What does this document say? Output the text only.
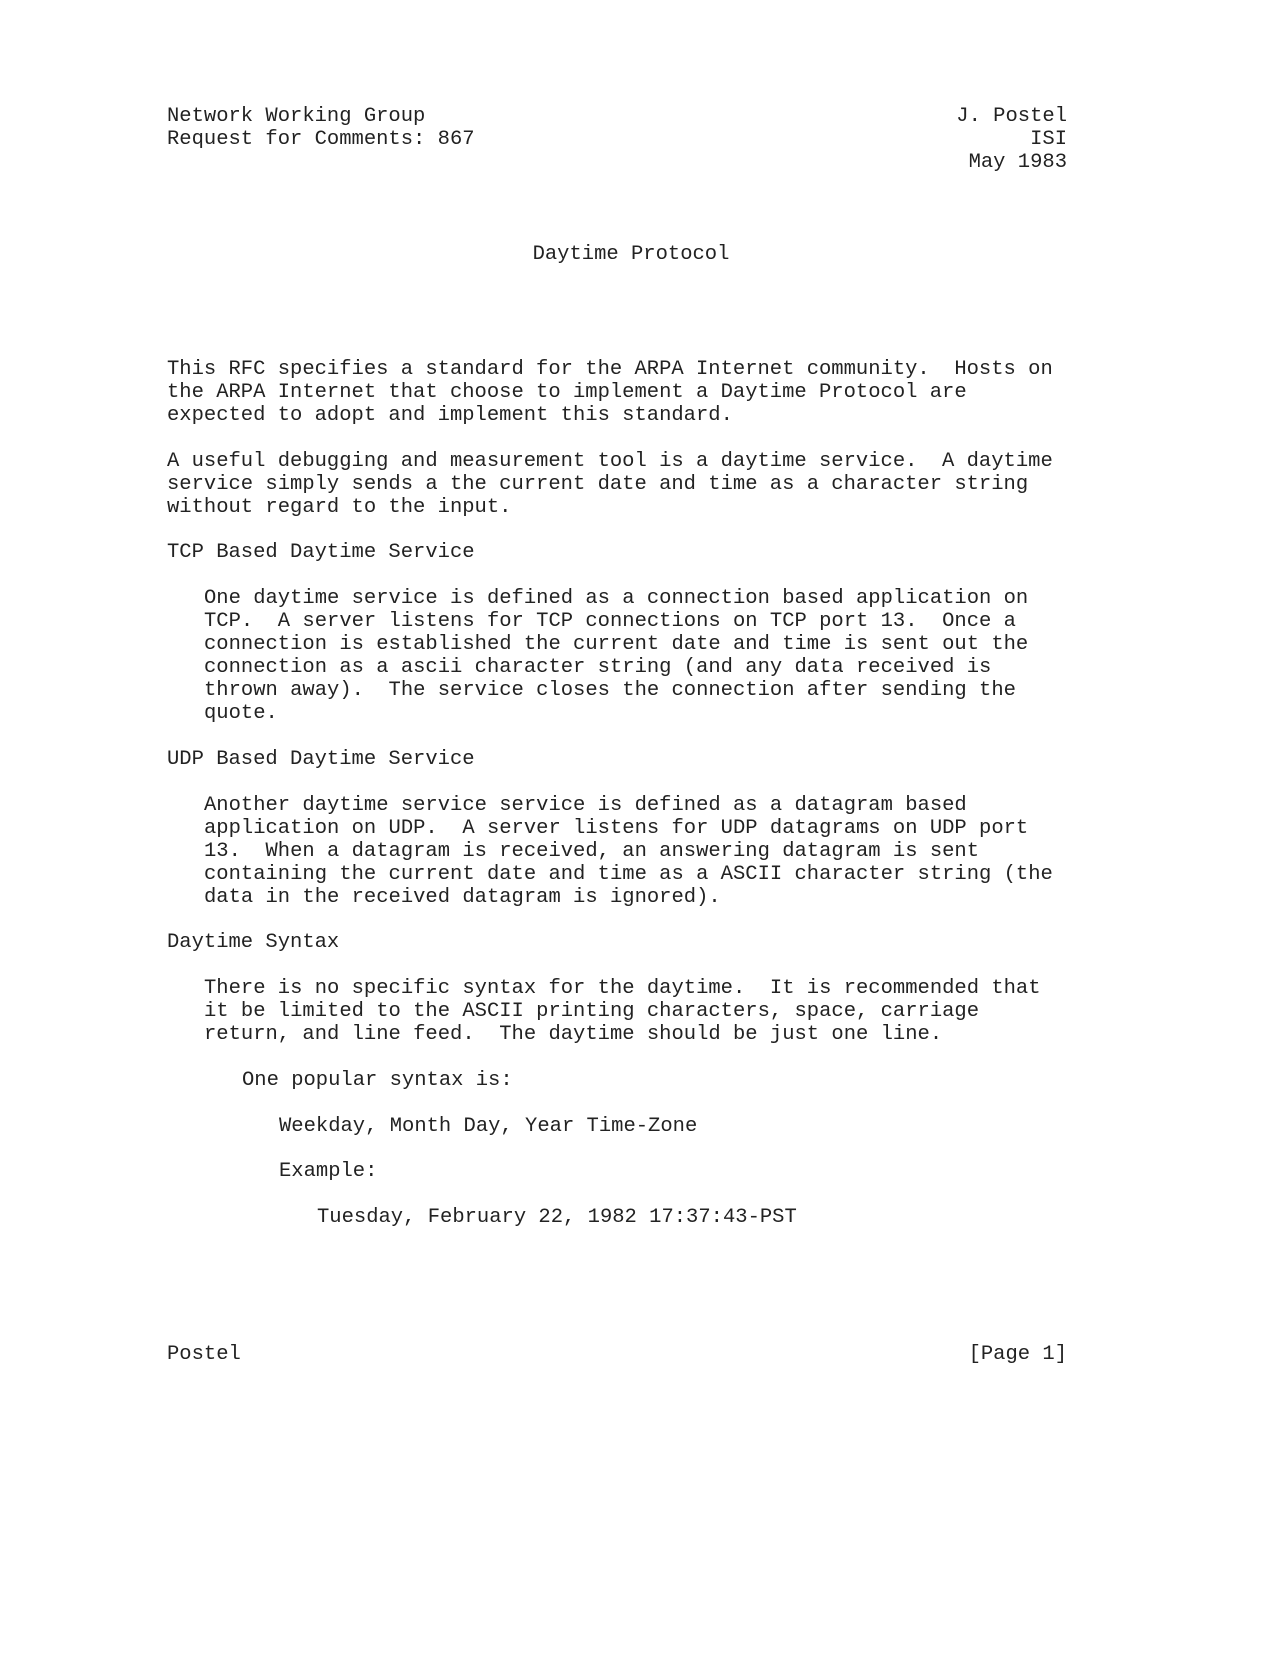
Network Working Group
Request for Comments: 867
J. Postel
ISI
May 1983
Daytime Protocol
This RFC specifies a standard for the ARPA Internet community.  Hosts on
the ARPA Internet that choose to implement a Daytime Protocol are
expected to adopt and implement this standard.
A useful debugging and measurement tool is a daytime service.  A daytime
service simply sends a the current date and time as a character string
without regard to the input.
TCP Based Daytime Service
One daytime service is defined as a connection based application on
TCP.  A server listens for TCP connections on TCP port 13.  Once a
connection is established the current date and time is sent out the
connection as a ascii character string (and any data received is
thrown away).  The service closes the connection after sending the
quote.
UDP Based Daytime Service
Another daytime service service is defined as a datagram based
application on UDP.  A server listens for UDP datagrams on UDP port
13.  When a datagram is received, an answering datagram is sent
containing the current date and time as a ASCII character string (the
data in the received datagram is ignored).
Daytime Syntax
There is no specific syntax for the daytime.  It is recommended that
it be limited to the ASCII printing characters, space, carriage
return, and line feed.  The daytime should be just one line.
One popular syntax is:
Weekday, Month Day, Year Time-Zone
Example:
Tuesday, February 22, 1982 17:37:43-PST
Postel	[Page 1]
